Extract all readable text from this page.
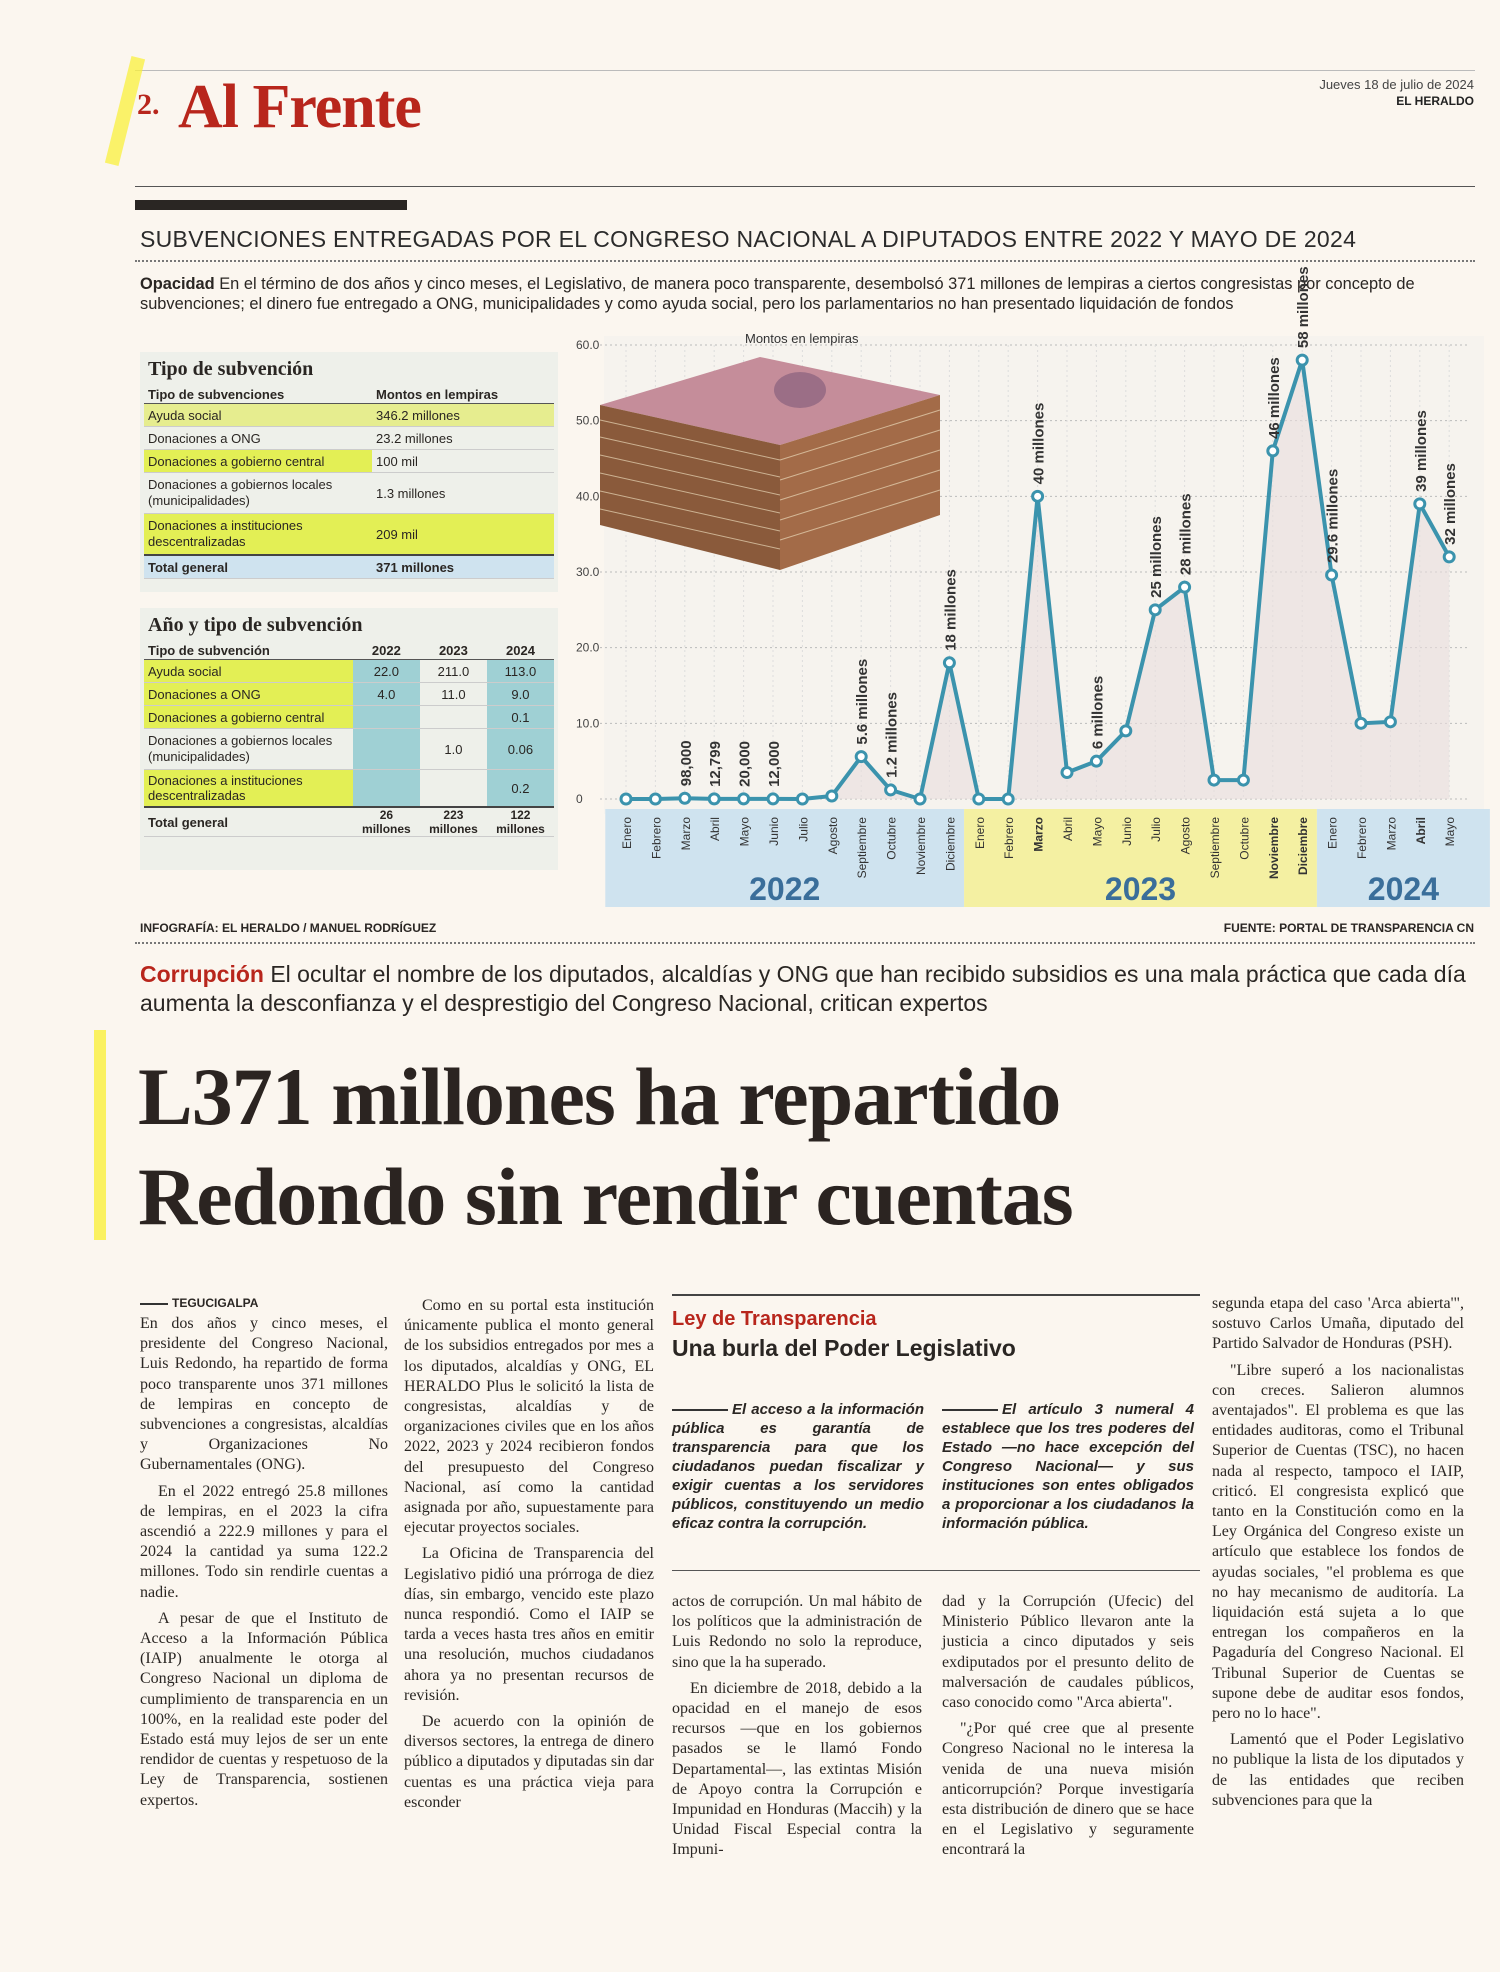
2. Al Frente	Jueves 18 de julio de 2024
EL HERALDO
SUBVENCIONES ENTREGADAS POR EL CONGRESO NACIONAL A DIPUTADOS ENTRE 2022 Y MAYO DE 2024
Opacidad En el término de dos años y cinco meses, el Legislativo, de manera poco transparente, desembolsó 371 millones de lempiras a ciertos congresistas por concepto de subvenciones; el dinero fue entregado a ONG, municipalidades y como ayuda social, pero los parlamentarios no han presentado liquidación de fondos
Tipo de subvención
Tipo de subvenciones	Montos en lempiras
Ayuda social	346.2 millones
Donaciones a ONG	23.2 millones
Donaciones a gobierno central	100 mil
Donaciones a gobiernos locales (municipalidades)	1.3 millones
Donaciones a instituciones descentralizadas	209 mil
Total general	371 millones
Año y tipo de subvención
Tipo de subvención	2022	2023	2024
Ayuda social	22.0	211.0	113.0
Donaciones a ONG	4.0	11.0	9.0
Donaciones a gobierno central			0.1
Donaciones a gobiernos locales (municipalidades)		1.0	0.06
Donaciones a instituciones descentralizadas			0.2
Total general	26 millones	223 millones	122 millones
2022	2023	2024
98,000 12,799 20,000 12,000
5.6 millones 1.2 millones
18 millones
40 millones
6 millones
25 millones 28 millones
46 millones
58 millones
29.6 millones
39 millones
32 millones
Enero Febrero Marzo Abril Mayo Junio Julio Agosto Septiembre Octubre Noviembre Diciembre Enero Febrero Marzo Abril Mayo Junio Julio Agosto Septiembre Octubre Noviembre Diciembre Enero Febrero Marzo Abril Mayo
0
10.0
20.0
30.0
40.0
50.0
60.0	Montos en lempiras
INFOGRAFÍA: EL HERALDO / MANUEL RODRÍGUEZ	FUENTE: PORTAL DE TRANSPARENCIA CN
Corrupción El ocultar el nombre de los diputados, alcaldías y ONG que han recibido subsidios es una mala práctica que cada día aumenta la desconfianza y el desprestigio del Congreso Nacional, critican expertos
L371 millones ha repartido
Redondo sin rendir cuentas
TEGUCIGALPA

En dos años y cinco meses, el presidente del Congreso Nacional, Luis Redondo, ha repartido de forma poco transparente unos 371 millones de lempiras en concepto de subvenciones a congresistas, alcaldías y Organizaciones No Gubernamentales (ONG).

En el 2022 entregó 25.8 millones de lempiras, en el 2023 la cifra ascendió a 222.9 millones y para el 2024 la cantidad ya suma 122.2 millones. Todo sin rendirle cuentas a nadie.

A pesar de que el Instituto de Acceso a la Información Pública (IAIP) anualmente le otorga al Congreso Nacional un diploma de cumplimiento de transparencia en un 100%, en la realidad este poder del Estado está muy lejos de ser un ente rendidor de cuentas y respetuoso de la Ley de Transparencia, sostienen expertos.

Como en su portal esta institución únicamente publica el monto general de los subsidios entregados por mes a los diputados, alcaldías y ONG, EL HERALDO Plus le solicitó la lista de congresistas, alcaldías y de organizaciones civiles que en los años 2022, 2023 y 2024 recibieron fondos del presupuesto del Congreso Nacional, así como la cantidad asignada por año, supuestamente para ejecutar proyectos sociales.

La Oficina de Transparencia del Legislativo pidió una prórroga de diez días, sin embargo, vencido este plazo nunca respondió. Como el IAIP se tarda a veces hasta tres años en emitir una resolución, muchos ciudadanos ahora ya no presentan recursos de revisión.

De acuerdo con la opinión de diversos sectores, la entrega de dinero público a diputados y diputadas sin dar cuentas es una práctica vieja para esconder

Ley de Transparencia
Una burla del Poder Legislativo
El acceso a la información pública es garantía de transparencia para que los ciudadanos puedan fiscalizar y exigir cuentas a los servidores públicos, constituyendo un medio eficaz contra la corrupción.
El artículo 3 numeral 4 establece que los tres poderes del Estado —no hace excepción del Congreso Nacional— y sus instituciones son entes obligados a proporcionar a los ciudadanos la información pública.

actos de corrupción. Un mal hábito de los políticos que la administración de Luis Redondo no solo la reproduce, sino que la ha superado.

En diciembre de 2018, debido a la opacidad en el manejo de esos recursos —que en los gobiernos pasados se le llamó Fondo Departamental—, las extintas Misión de Apoyo contra la Corrupción e Impunidad en Honduras (Maccih) y la Unidad Fiscal Especial contra la Impuni-

dad y la Corrupción (Ufecic) del Ministerio Público llevaron ante la justicia a cinco diputados y seis exdiputados por el presunto delito de malversación de caudales públicos, caso conocido como "Arca abierta".

"¿Por qué cree que al presente Congreso Nacional no le interesa la venida de una nueva misión anticorrupción? Porque investigaría esta distribución de dinero que se hace en el Legislativo y seguramente encontrará la

segunda etapa del caso 'Arca abierta'", sostuvo Carlos Umaña, diputado del Partido Salvador de Honduras (PSH).

"Libre superó a los nacionalistas con creces. Salieron alumnos aventajados". El problema es que las entidades auditoras, como el Tribunal Superior de Cuentas (TSC), no hacen nada al respecto, tampoco el IAIP, criticó. El congresista explicó que tanto en la Constitución como en la Ley Orgánica del Congreso existe un artículo que establece los fondos de ayudas sociales, "el problema es que no hay mecanismo de auditoría. La liquidación está sujeta a lo que entregan los compañeros en la Pagaduría del Congreso Nacional. El Tribunal Superior de Cuentas se supone debe de auditar esos fondos, pero no lo hace".

Lamentó que el Poder Legislativo no publique la lista de los diputados y de las entidades que reciben subvenciones para que la
